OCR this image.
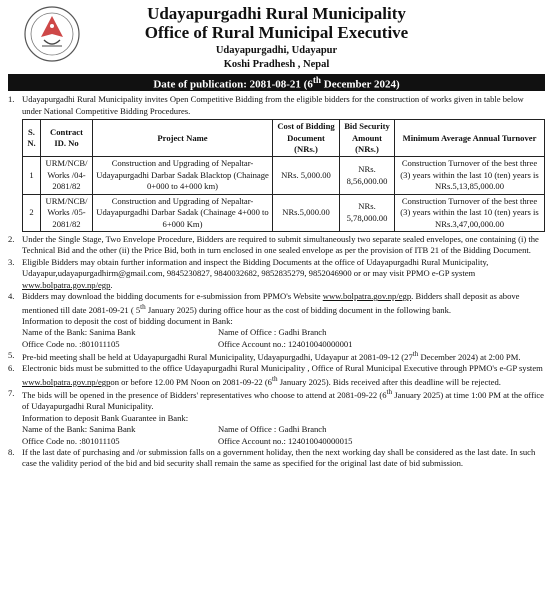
Udayapurgadhi Rural Municipality
Office of Rural Municipal Executive
Udayapurgadhi, Udayapur
Koshi Pradhesh , Nepal
Date of publication: 2081-08-21 (6th December 2024)
1. Udayapurgadhi Rural Municipality invites Open Competitive Bidding from the eligible bidders for the construction of works given in table below under National Competitive Bidding Procedures.
S. N.	Contract ID. No	Project Name	Cost of Bidding Document (NRs.)	Bid Security Amount (NRs.)	Minimum Average Annual Turnover
1	URM/NCB/ Works /04-2081/82	Construction and Upgrading of Nepaltar-Udayapurgadhi Darbar Sadak Blacktop (Chainage 0+000 to 4+000 km)	NRs. 5,000.00	NRs. 8,56,000.00	Construction Turnover of the best three (3) years within the last 10 (ten) years is NRs.5,13,85,000.00
2	URM/NCB/ Works /05-2081/82	Construction and Upgrading of Nepaltar-Udayapurgadhi Darbar Sadak (Chainage 4+000 to 6+000 Km)	NRs.5,000.00	NRs. 5,78,000.00	Construction Turnover of the best three (3) years within the last 10 (ten) years is NRs.3,47,00,000.00
2. Under the Single Stage, Two Envelope Procedure, Bidders are required to submit simultaneously two separate sealed envelopes, one containing (i) the Technical Bid and the other (ii) the Price Bid, both in turn enclosed in one sealed envelope as per the provision of ITB 21 of the Bidding Document.
3. Eligible Bidders may obtain further information and inspect the Bidding Documents at the office of Udayapurgadhi Rural Municipality, Udayapur,udayapurgadhirm@gmail.com, 9845230827, 9840032682, 9852835279, 9852046900 or or may visit PPMO e-GP system www.bolpatra.gov.np/egp.
4. Bidders may download the bidding documents for e-submission from PPMO's Website www.bolpatra.gov.np/egp. Bidders shall deposit as above mentioned till date 2081-09-21 ( 5th January 2025) during office hour as the cost of bidding document in the following bank.
Information to deposit the cost of bidding document in Bank:
Name of the Bank: Sanima Bank	Name of Office : Gadhi Branch
Office Code no. :801011105	Office Account no.: 124010040000001
5. Pre-bid meeting shall be held at Udayapurgadhi Rural Municipality, Udayapurgadhi, Udayapur at 2081-09-12 (27th December 2024) at 2:00 PM.
6. Electronic bids must be submitted to the office Udayapurgadhi Rural Municipality , Office of Rural Municipal Executive through PPMO's e-GP system www.bolpatra.gov.np/egpon or before 12.00 PM Noon on 2081-09-22 (6th January 2025). Bids received after this deadline will be rejected.
7. The bids will be opened in the presence of Bidders' representatives who choose to attend at 2081-09-22 (6th January 2025) at time 1:00 PM at the office of Udayapurgadhi Rural Municipality.
Information to deposit Bank Guarantee in Bank:
Name of the Bank: Sanima Bank	Name of Office : Gadhi Branch
Office Code no. :801011105	Office Account no.: 124010040000015
8. If the last date of purchasing and /or submission falls on a government holiday, then the next working day shall be considered as the last date. In such case the validity period of the bid and bid security shall remain the same as specified for the original last date of bid submission.
